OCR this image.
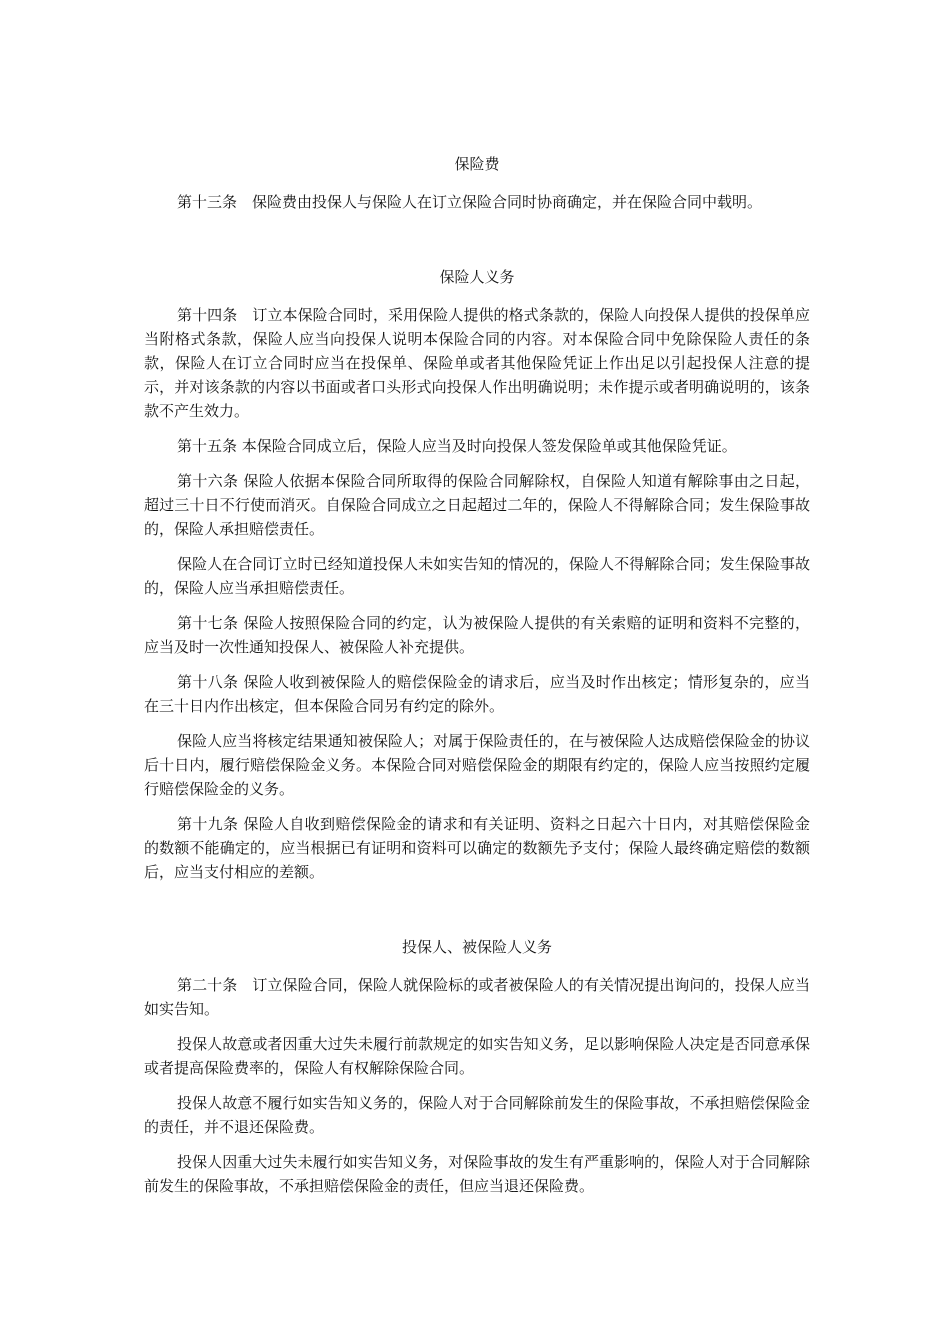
保险费

第十三条　保险费由投保人与保险人在订立保险合同时协商确定，并在保险合同中载明。

保险人义务

第十四条　订立本保险合同时，采用保险人提供的格式条款的，保险人向投保人提供的投保单应当附格式条款，保险人应当向投保人说明本保险合同的内容。对本保险合同中免除保险人责任的条款，保险人在订立合同时应当在投保单、保险单或者其他保险凭证上作出足以引起投保人注意的提示，并对该条款的内容以书面或者口头形式向投保人作出明确说明；未作提示或者明确说明的，该条款不产生效力。

第十五条 本保险合同成立后，保险人应当及时向投保人签发保险单或其他保险凭证。

第十六条 保险人依据本保险合同所取得的保险合同解除权，自保险人知道有解除事由之日起，超过三十日不行使而消灭。自保险合同成立之日起超过二年的，保险人不得解除合同；发生保险事故的，保险人承担赔偿责任。

保险人在合同订立时已经知道投保人未如实告知的情况的，保险人不得解除合同；发生保险事故的，保险人应当承担赔偿责任。

第十七条 保险人按照保险合同的约定，认为被保险人提供的有关索赔的证明和资料不完整的，应当及时一次性通知投保人、被保险人补充提供。

第十八条 保险人收到被保险人的赔偿保险金的请求后，应当及时作出核定；情形复杂的，应当在三十日内作出核定，但本保险合同另有约定的除外。

保险人应当将核定结果通知被保险人；对属于保险责任的，在与被保险人达成赔偿保险金的协议后十日内，履行赔偿保险金义务。本保险合同对赔偿保险金的期限有约定的，保险人应当按照约定履行赔偿保险金的义务。

第十九条 保险人自收到赔偿保险金的请求和有关证明、资料之日起六十日内，对其赔偿保险金的数额不能确定的，应当根据已有证明和资料可以确定的数额先予支付；保险人最终确定赔偿的数额后，应当支付相应的差额。

投保人、被保险人义务

第二十条　订立保险合同，保险人就保险标的或者被保险人的有关情况提出询问的，投保人应当如实告知。

投保人故意或者因重大过失未履行前款规定的如实告知义务，足以影响保险人决定是否同意承保或者提高保险费率的，保险人有权解除保险合同。

投保人故意不履行如实告知义务的，保险人对于合同解除前发生的保险事故，不承担赔偿保险金的责任，并不退还保险费。

投保人因重大过失未履行如实告知义务，对保险事故的发生有严重影响的，保险人对于合同解除前发生的保险事故，不承担赔偿保险金的责任，但应当退还保险费。
